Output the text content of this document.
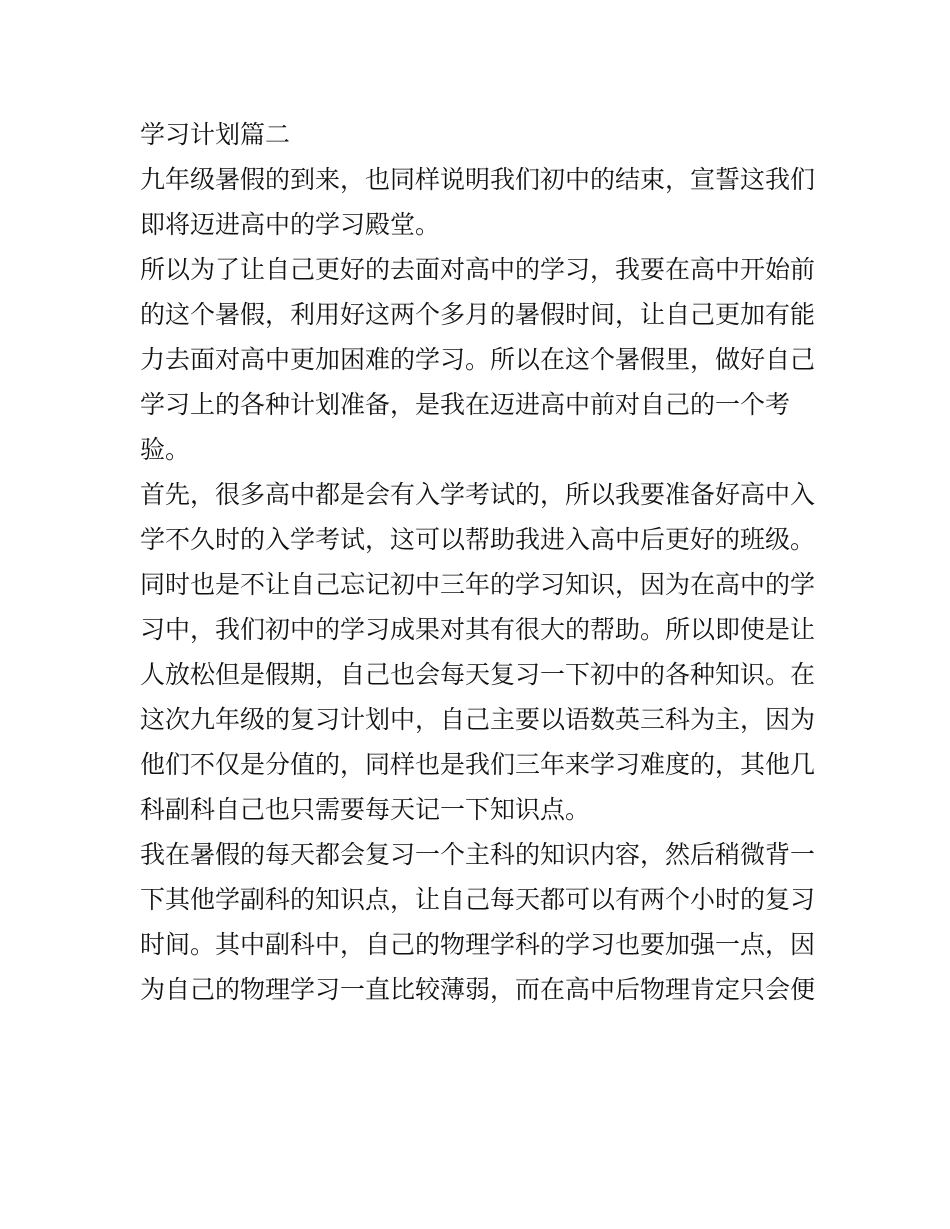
学习计划篇二
九年级暑假的到来，也同样说明我们初中的结束，宣誓这我们
即将迈进高中的学习殿堂。
所以为了让自己更好的去面对高中的学习，我要在高中开始前
的这个暑假，利用好这两个多月的暑假时间，让自己更加有能
力去面对高中更加困难的学习。所以在这个暑假里，做好自己
学习上的各种计划准备，是我在迈进高中前对自己的一个考
验。
首先，很多高中都是会有入学考试的，所以我要准备好高中入
学不久时的入学考试，这可以帮助我进入高中后更好的班级。
同时也是不让自己忘记初中三年的学习知识，因为在高中的学
习中，我们初中的学习成果对其有很大的帮助。所以即使是让
人放松但是假期，自己也会每天复习一下初中的各种知识。在
这次九年级的复习计划中，自己主要以语数英三科为主，因为
他们不仅是分值的，同样也是我们三年来学习难度的，其他几
科副科自己也只需要每天记一下知识点。
我在暑假的每天都会复习一个主科的知识内容，然后稍微背一
下其他学副科的知识点，让自己每天都可以有两个小时的复习
时间。其中副科中，自己的物理学科的学习也要加强一点，因
为自己的物理学习一直比较薄弱，而在高中后物理肯定只会便
